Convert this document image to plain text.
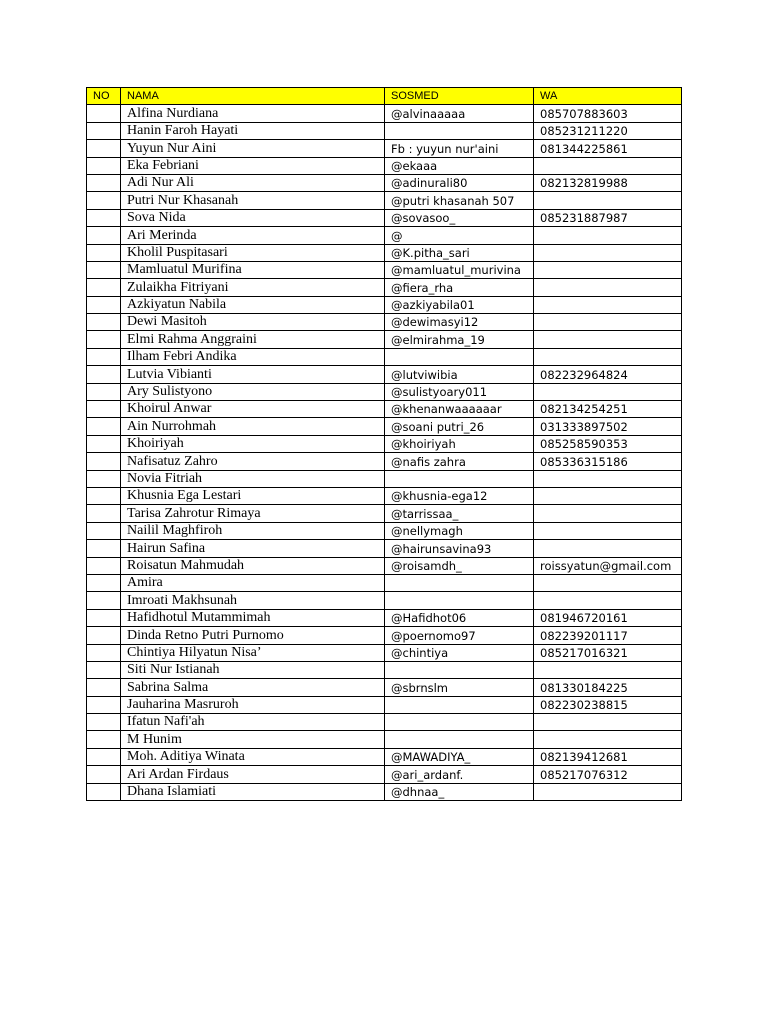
NO	NAMA	SOSMED	WA
	Alfina Nurdiana	@alvinaaaaa	085707883603
	Hanin Faroh Hayati		085231211220
	Yuyun Nur Aini	Fb : yuyun nur'aini	081344225861
	Eka Febriani	@ekaaa	
	Adi Nur Ali	@adinurali80	082132819988
	Putri Nur Khasanah	@putri khasanah 507	
	Sova Nida	@sovasoo_	085231887987
	Ari Merinda	@	
	Kholil Puspitasari	@K.pitha_sari	
	Mamluatul Murifina	@mamluatul_murivina	
	Zulaikha Fitriyani	@fiera_rha	
	Azkiyatun Nabila	@azkiyabila01	
	Dewi Masitoh	@dewimasyi12	
	Elmi Rahma Anggraini	@elmirahma_19	
	Ilham Febri Andika		
	Lutvia Vibianti	@lutviwibia	082232964824
	Ary Sulistyono	@sulistyoary011	
	Khoirul Anwar	@khenanwaaaaaar	082134254251
	Ain Nurrohmah	@soani putri_26	031333897502
	Khoiriyah	@khoiriyah	085258590353
	Nafisatuz Zahro	@nafis zahra	085336315186
	Novia Fitriah		
	Khusnia Ega Lestari	@khusnia-ega12	
	Tarisa Zahrotur Rimaya	@tarrissaa_	
	Nailil Maghfiroh	@nellymagh	
	Hairun Safina	@hairunsavina93	
	Roisatun Mahmudah	@roisamdh_	roissyatun@gmail.com
	Amira		
	Imroati Makhsunah		
	Hafidhotul Mutammimah	@Hafidhot06	081946720161
	Dinda Retno Putri Purnomo	@poernomo97	082239201117
	Chintiya Hilyatun Nisa’	@chintiya	085217016321
	Siti Nur Istianah		
	Sabrina Salma	@sbrnslm	081330184225
	Jauharina Masruroh		082230238815
	Ifatun Nafi'ah		
	M Hunim		
	Moh. Aditiya Winata	@MAWADIYA_	082139412681
	Ari Ardan Firdaus	@ari_ardanf.	085217076312
	Dhana Islamiati	@dhnaa_	
